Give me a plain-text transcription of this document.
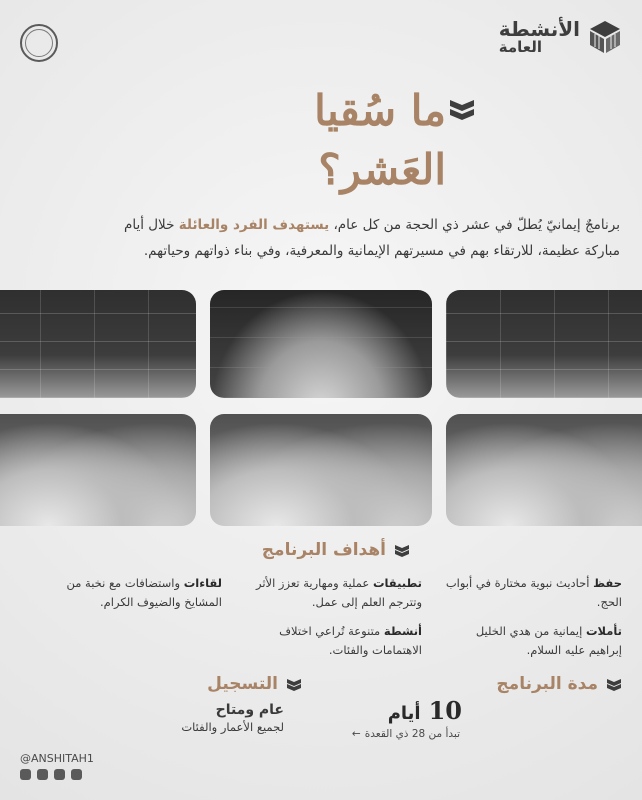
الأنشطة
العامة
ما سُقيا
العَشر؟
برنامجٌ إيمانيّ يُطلّ في عشر ذي الحجة من كل عام، يستهدف الفرد والعائلة خلال أيام مباركة عظيمة، للارتقاء بهم في مسيرتهم الإيمانية والمعرفية، وفي بناء ذواتهم وحياتهم.
أهداف البرنامج
حفظ أحاديث نبوية مختارة في أبواب الحج.
تطبيقات عملية ومهارية تعزز الأثر وتترجم العلم إلى عمل.
لقاءات واستضافات مع نخبة من المشايخ والضيوف الكرام.
تأملات إيمانية من هدي الخليل إبراهيم عليه السلام.
أنشطة متنوعة تُراعي اختلاف الاهتمامات والفئات.
مدة البرنامج
10
أيام
تبدأ من 28 ذي القعدة
←
التسجيل
عام ومتاح
لجميع الأعمار والفئات
@ANSHITAH1
